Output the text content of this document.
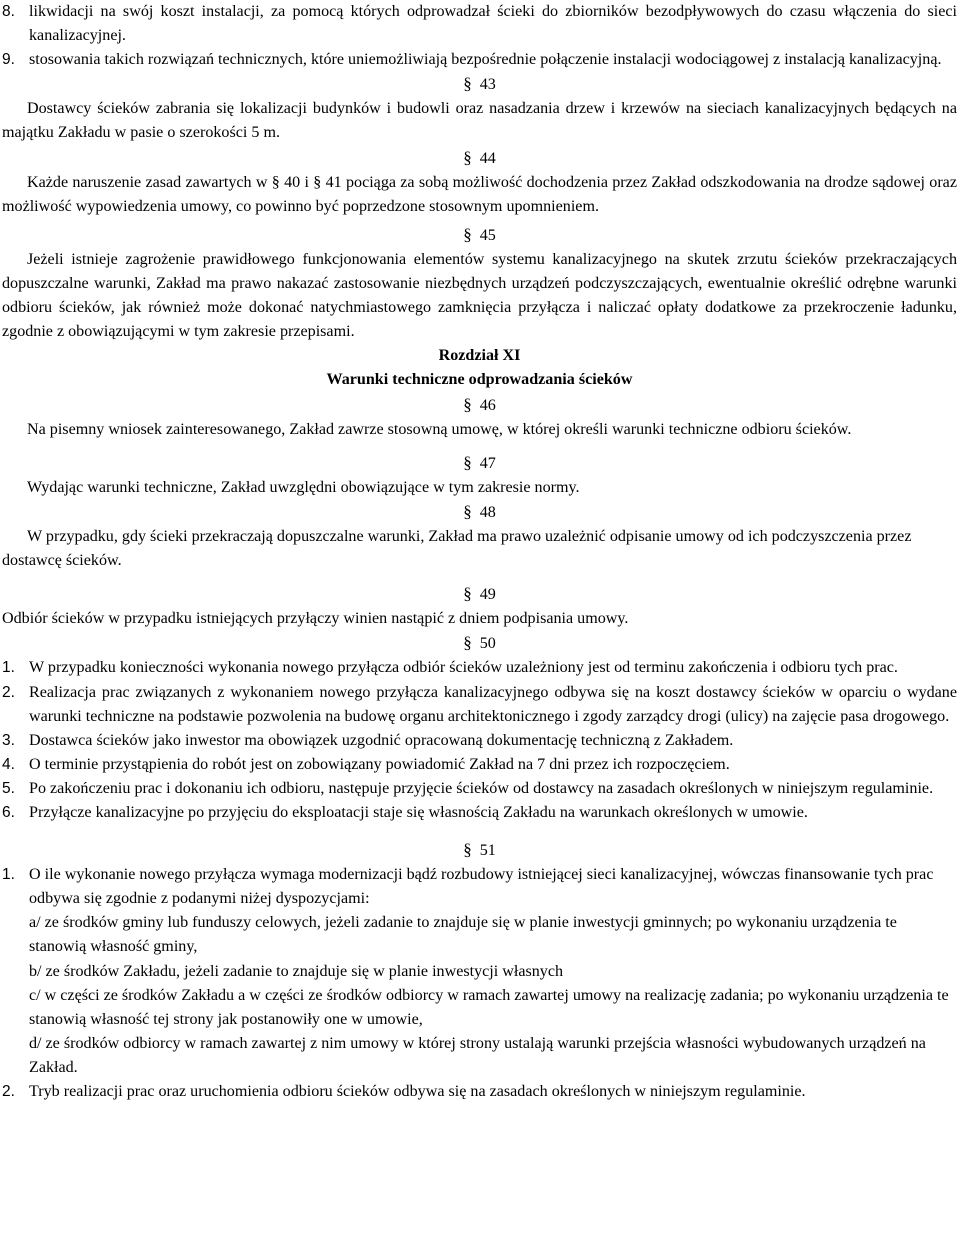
8. likwidacji na swój koszt instalacji, za pomocą których odprowadzał ścieki do zbiorników bezodpływowych do czasu włączenia do sieci kanalizacyjnej.
9. stosowania takich rozwiązań technicznych, które uniemożliwiają bezpośrednie połączenie instalacji wodociągowej z instalacją kanalizacyjną.

§ 43

Dostawcy ścieków zabrania się lokalizacji budynków i budowli oraz nasadzania drzew i krzewów na sieciach kanalizacyjnych będących na majątku Zakładu w pasie o szerokości 5 m.

§ 44

Każde naruszenie zasad zawartych w § 40 i § 41 pociąga za sobą możliwość dochodzenia przez Zakład odszkodowania na drodze sądowej oraz możliwość wypowiedzenia umowy, co powinno być poprzedzone stosownym upomnieniem.

§ 45

Jeżeli istnieje zagrożenie prawidłowego funkcjonowania elementów systemu kanalizacyjnego na skutek zrzutu ścieków przekraczających dopuszczalne warunki, Zakład ma prawo nakazać zastosowanie niezbędnych urządzeń podczyszczających, ewentualnie określić odrębne warunki odbioru ścieków, jak również może dokonać natychmiastowego zamknięcia przyłącza i naliczać opłaty dodatkowe za przekroczenie ładunku, zgodnie z obowiązującymi w tym zakresie przepisami.

Rozdział XI

Warunki techniczne odprowadzania ścieków

§ 46

Na pisemny wniosek zainteresowanego, Zakład zawrze stosowną umowę, w której określi warunki techniczne odbioru ścieków.

§ 47

Wydając warunki techniczne, Zakład uwzględni obowiązujące w tym zakresie normy.

§ 48

W przypadku, gdy ścieki przekraczają dopuszczalne warunki, Zakład ma prawo uzależnić odpisanie umowy od ich podczyszczenia przez dostawcę ścieków.

§ 49

Odbiór ścieków w przypadku istniejących przyłączy winien nastąpić z dniem podpisania umowy.

§ 50

1. W przypadku konieczności wykonania nowego przyłącza odbiór ścieków uzależniony jest od terminu zakończenia i odbioru tych prac.
2. Realizacja prac związanych z wykonaniem nowego przyłącza kanalizacyjnego odbywa się na koszt dostawcy ścieków w oparciu o wydane warunki techniczne na podstawie pozwolenia na budowę organu architektonicznego i zgody zarządcy drogi (ulicy) na zajęcie pasa drogowego.
3. Dostawca ścieków jako inwestor ma obowiązek uzgodnić opracowaną dokumentację techniczną z Zakładem.
4. O terminie przystąpienia do robót jest on zobowiązany powiadomić Zakład na 7 dni przez ich rozpoczęciem.
5. Po zakończeniu prac i dokonaniu ich odbioru, następuje przyjęcie ścieków od dostawcy na zasadach określonych w niniejszym regulaminie.
6. Przyłącze kanalizacyjne po przyjęciu do eksploatacji staje się własnością Zakładu na warunkach określonych w umowie.

§ 51

1. O ile wykonanie nowego przyłącza wymaga modernizacji bądź rozbudowy istniejącej sieci kanalizacyjnej, wówczas finansowanie tych prac odbywa się zgodnie z podanymi niżej dyspozycjami:

a/ ze środków gminy lub funduszy celowych, jeżeli zadanie to znajduje się w planie inwestycji gminnych; po wykonaniu urządzenia te stanowią własność gminy,

b/ ze środków Zakładu, jeżeli zadanie to znajduje się w planie inwestycji własnych

c/ w części ze środków Zakładu a w części ze środków odbiorcy w ramach zawartej umowy na realizację zadania; po wykonaniu urządzenia te stanowią własność tej strony jak postanowiły one w umowie,

d/ ze środków odbiorcy w ramach zawartej z nim umowy w której strony ustalają warunki przejścia własności wybudowanych urządzeń na Zakład.

2. Tryb realizacji prac oraz uruchomienia odbioru ścieków odbywa się na zasadach określonych w niniejszym regulaminie.
